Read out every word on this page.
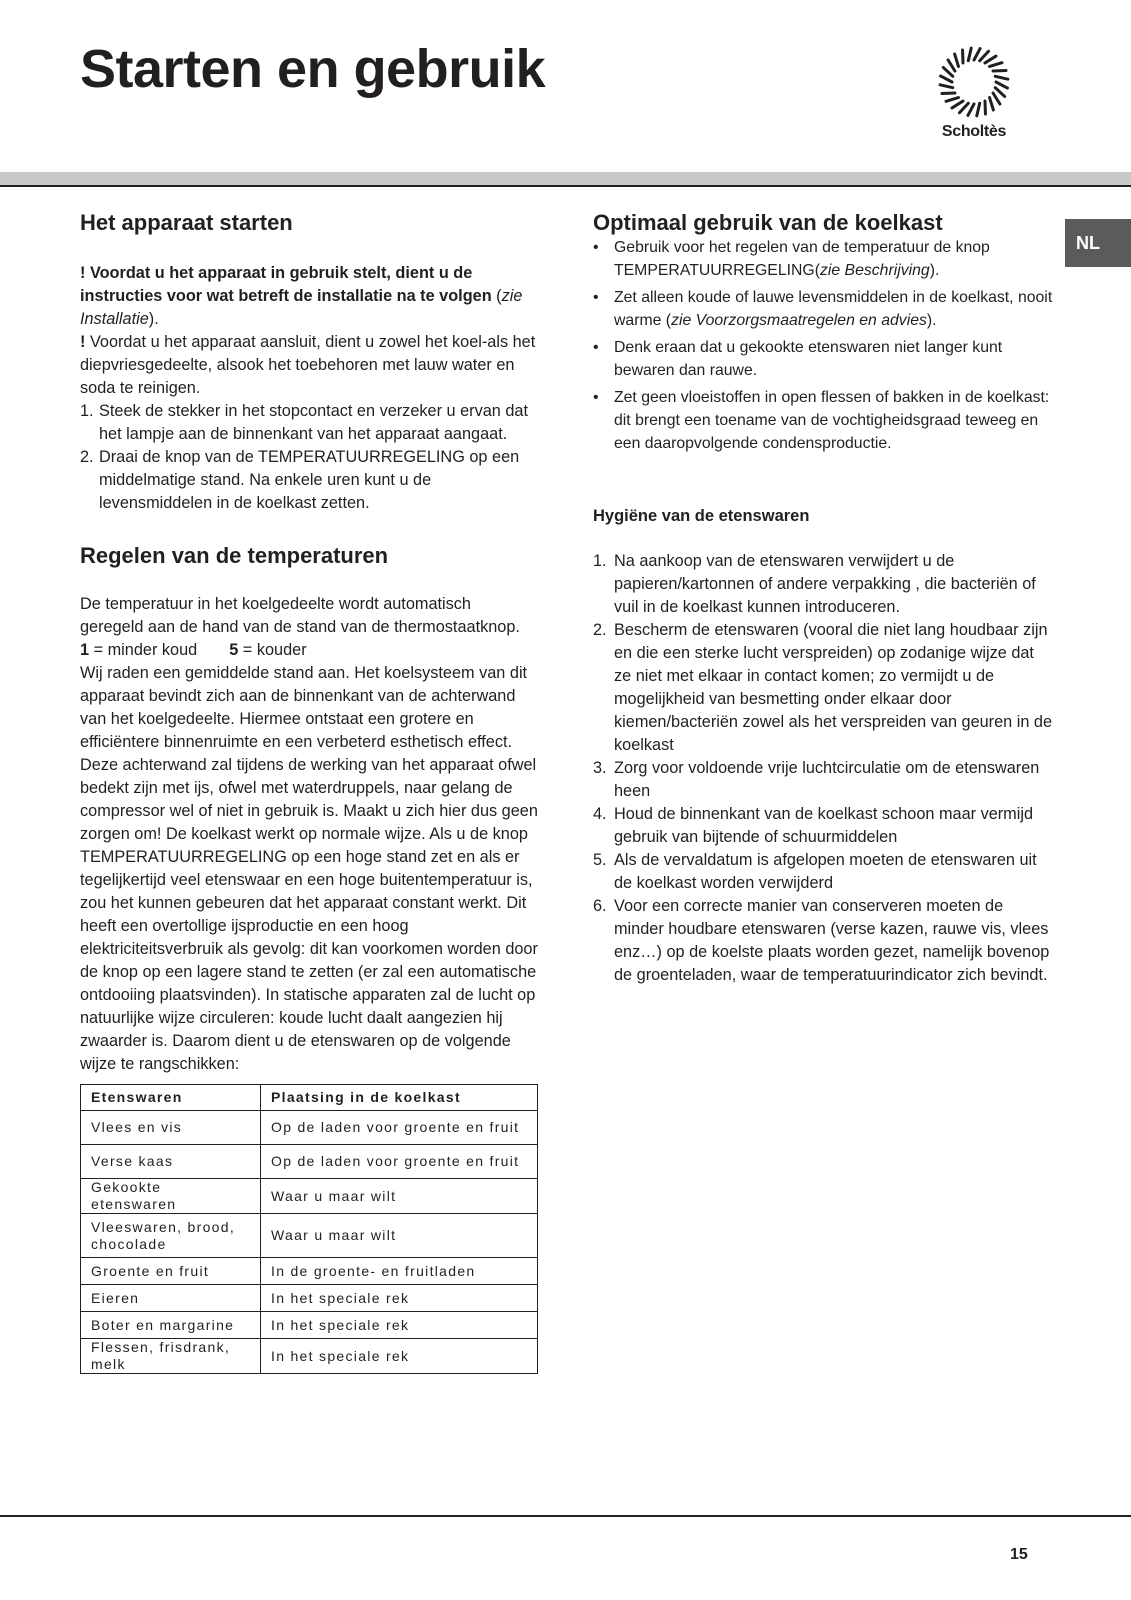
Starten en gebruik
Scholtès
NL
Het apparaat starten

! Voordat u het apparaat in gebruik stelt, dient u de instructies voor wat betreft de installatie na te volgen (zie Installatie).

! Voordat u het apparaat aansluit, dient u zowel het koel-als het diepvriesgedeelte, alsook het toebehoren met lauw water en soda te reinigen.

1. Steek de stekker in het stopcontact en verzeker u ervan dat het lampje aan de binnenkant van het apparaat aangaat.
2. Draai de knop van de TEMPERATUURREGELING op een middelmatige stand. Na enkele uren kunt u de levensmiddelen in de koelkast zetten.
Regelen van de temperaturen

De temperatuur in het koelgedeelte wordt automatisch geregeld aan de hand van de stand van de thermostaatknop.

1 = minder koud 5 = kouder

Wij raden een gemiddelde stand aan. Het koelsysteem van dit apparaat bevindt zich aan de binnenkant van de achterwand van het koelgedeelte. Hiermee ontstaat een grotere en efficiëntere binnenruimte en een verbeterd esthetisch effect. Deze achterwand zal tijdens de werking van het apparaat ofwel bedekt zijn met ijs, ofwel met waterdruppels, naar gelang de compressor wel of niet in gebruik is. Maakt u zich hier dus geen zorgen om! De koelkast werkt op normale wijze. Als u de knop TEMPERATUURREGELING op een hoge stand zet en als er tegelijkertijd veel etenswaar en een hoge buitentemperatuur is, zou het kunnen gebeuren dat het apparaat constant werkt. Dit heeft een overtollige ijsproductie en een hoog elektriciteitsverbruik als gevolg: dit kan voorkomen worden door de knop op een lagere stand te zetten (er zal een automatische ontdooiing plaatsvinden). In statische apparaten zal de lucht op natuurlijke wijze circuleren: koude lucht daalt aangezien hij zwaarder is. Daarom dient u de etenswaren op de volgende wijze te rangschikken:

Etenswaren	Plaatsing in de koelkast
Vlees en vis	Op de laden voor groente en fruit
Verse kaas	Op de laden voor groente en fruit
Gekookte etenswaren	Waar u maar wilt
Vleeswaren, brood, chocolade	Waar u maar wilt
Groente en fruit	In de groente- en fruitladen
Eieren	In het speciale rek
Boter en margarine	In het speciale rek
Flessen, frisdrank, melk	In het speciale rek
Optimaal gebruik van de koelkast
• Gebruik voor het regelen van de temperatuur de knop TEMPERATUURREGELING(zie Beschrijving).
• Zet alleen koude of lauwe levensmiddelen in de koelkast, nooit warme (zie Voorzorgsmaatregelen en advies).
• Denk eraan dat u gekookte etenswaren niet langer kunt bewaren dan rauwe.
• Zet geen vloeistoffen in open flessen of bakken in de koelkast: dit brengt een toename van de vochtigheidsgraad teweeg en een daaropvolgende condensproductie.
Hygiëne van de etenswaren
1. Na aankoop van de etenswaren verwijdert u de papieren/kartonnen of andere verpakking , die bacteriën of vuil in de koelkast kunnen introduceren.
2. Bescherm de etenswaren (vooral die niet lang houdbaar zijn en die een sterke lucht verspreiden) op zodanige wijze dat ze niet met elkaar in contact komen; zo vermijdt u de mogelijkheid van besmetting onder elkaar door kiemen/bacteriën zowel als het verspreiden van geuren in de koelkast
3. Zorg voor voldoende vrije luchtcirculatie om de etenswaren heen
4. Houd de binnenkant van de koelkast schoon maar vermijd gebruik van bijtende of schuurmiddelen
5. Als de vervaldatum is afgelopen moeten de etenswaren uit de koelkast worden verwijderd
6. Voor een correcte manier van conserveren moeten de minder houdbare etenswaren (verse kazen, rauwe vis, vlees enz…) op de koelste plaats worden gezet, namelijk bovenop de groenteladen, waar de temperatuurindicator zich bevindt.
15
